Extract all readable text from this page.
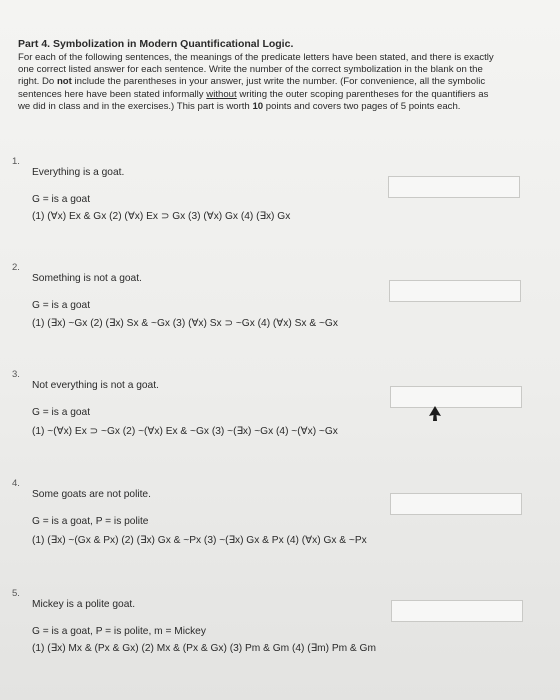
Part 4. Symbolization in Modern Quantificational Logic.

For each of the following sentences, the meanings of the predicate letters have been stated, and there is exactly
one correct listed answer for each sentence. Write the number of the correct symbolization in the blank on the
right. Do not include the parentheses in your answer, just write the number. (For convenience, all the symbolic
sentences here have been stated informally without writing the outer scoping parentheses for the quantifiers as
we did in class and in the exercises.) This part is worth 10 points and covers two pages of 5 points each.

1.
Everything is a goat.
G = is a goat
(1) (∀x) Ex & Gx (2) (∀x) Ex ⊃ Gx (3) (∀x) Gx (4) (∃x) Gx
2.
Something is not a goat.
G = is a goat
(1) (∃x) ~Gx (2) (∃x) Sx & ~Gx (3) (∀x) Sx ⊃ ~Gx (4) (∀x) Sx & ~Gx
3.
Not everything is not a goat.
G = is a goat
(1) ~(∀x) Ex ⊃ ~Gx (2) ~(∀x) Ex & ~Gx (3) ~(∃x) ~Gx (4) ~(∀x) ~Gx
4.
Some goats are not polite.
G = is a goat, P = is polite
(1) (∃x) ~(Gx & Px) (2) (∃x) Gx & ~Px (3) ~(∃x) Gx & Px (4) (∀x) Gx & ~Px
5.
Mickey is a polite goat.
G = is a goat, P = is polite, m = Mickey
(1) (∃x) Mx & (Px & Gx) (2) Mx & (Px & Gx) (3) Pm & Gm (4) (∃m) Pm & Gm
